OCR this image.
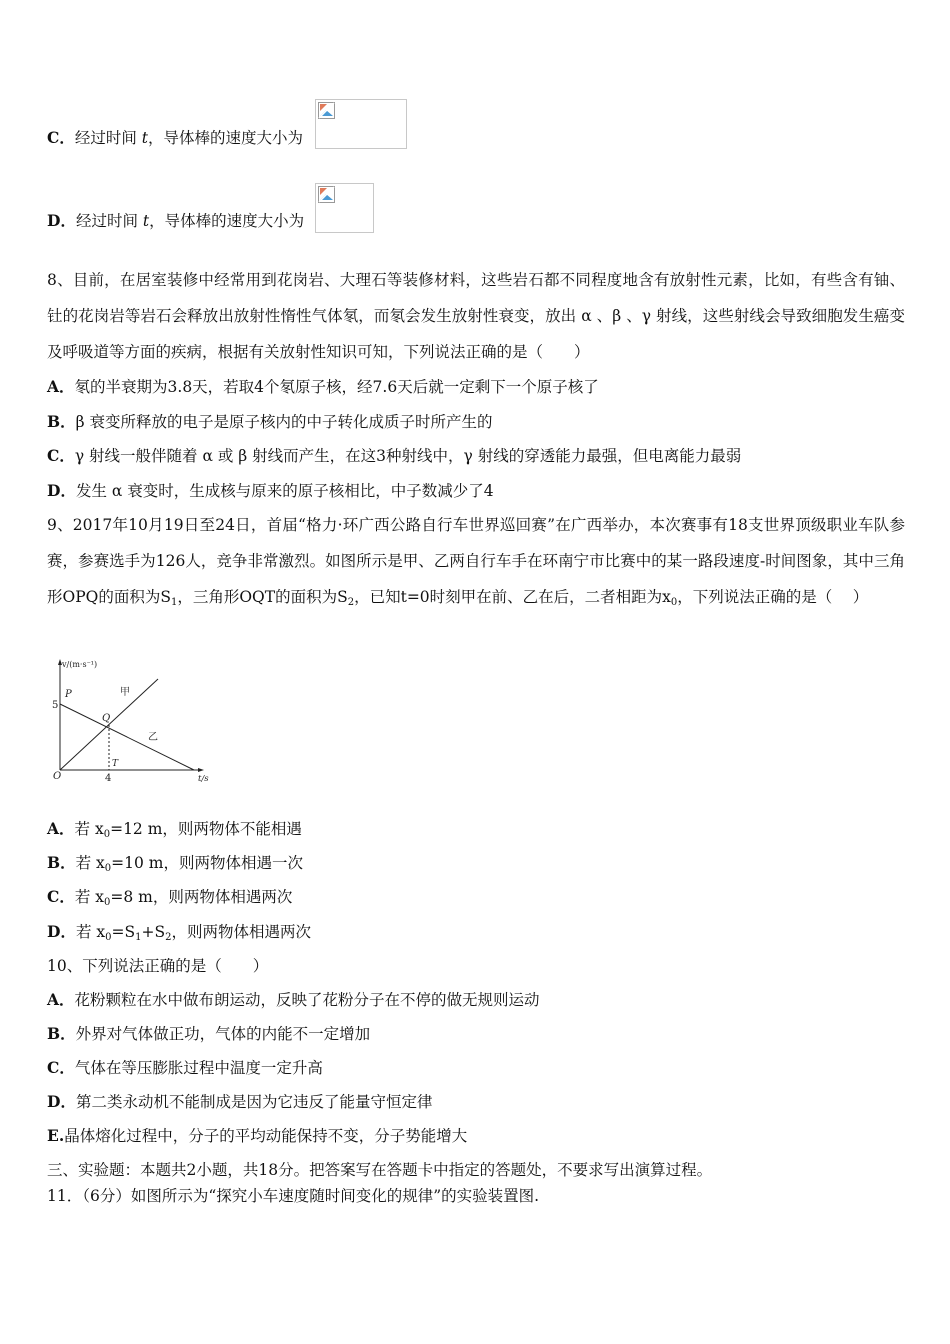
C．经过时间 t，导体棒的速度大小为
D．经过时间 t，导体棒的速度大小为
8、目前，在居室装修中经常用到花岗岩、大理石等装修材料，这些岩石都不同程度地含有放射性元素，比如，有些含有铀、钍的花岗岩等岩石会释放出放射性惰性气体氡，而氡会发生放射性衰变，放出 α 、β 、γ 射线，这些射线会导致细胞发生癌变及呼吸道等方面的疾病，根据有关放射性知识可知，下列说法正确的是（　　）
A．氡的半衰期为3.8天，若取4个氡原子核，经7.6天后就一定剩下一个原子核了
B．β 衰变所释放的电子是原子核内的中子转化成质子时所产生的
C．γ 射线一般伴随着 α 或 β 射线而产生，在这3种射线中，γ 射线的穿透能力最强，但电离能力最弱
D．发生 α 衰变时，生成核与原来的原子核相比，中子数减少了4
9、2017年10月19日至24日，首届“格力·环广西公路自行车世界巡回赛”在广西举办，本次赛事有18支世界顶级职业车队参赛，参赛选手为126人，竞争非常激烈。如图所示是甲、乙两自行车手在环南宁市比赛中的某一路段速度-时间图象，其中三角形OPQ的面积为$S_1$，三角形OQT的面积为$S_2$，已知t=0时刻甲在前、乙在后，二者相距为$x_0$，下列说法正确的是（　 ）
v/(m·s⁻¹)
t/s
O
P
Q
T
5
4
甲
乙
A．若 $x_0=12$ m，则两物体不能相遇
B．若 $x_0=10$ m，则两物体相遇一次
C．若 $x_0=8$ m，则两物体相遇两次
D．若 $x_0=S_1+S_2$，则两物体相遇两次
10、下列说法正确的是（　　）
A．花粉颗粒在水中做布朗运动，反映了花粉分子在不停的做无规则运动
B．外界对气体做正功，气体的内能不一定增加
C．气体在等压膨胀过程中温度一定升高
D．第二类永动机不能制成是因为它违反了能量守恒定律
E.晶体熔化过程中，分子的平均动能保持不变，分子势能增大
三、实验题：本题共2小题，共18分。把答案写在答题卡中指定的答题处，不要求写出演算过程。
11．（6分）如图所示为“探究小车速度随时间变化的规律”的实验装置图.
